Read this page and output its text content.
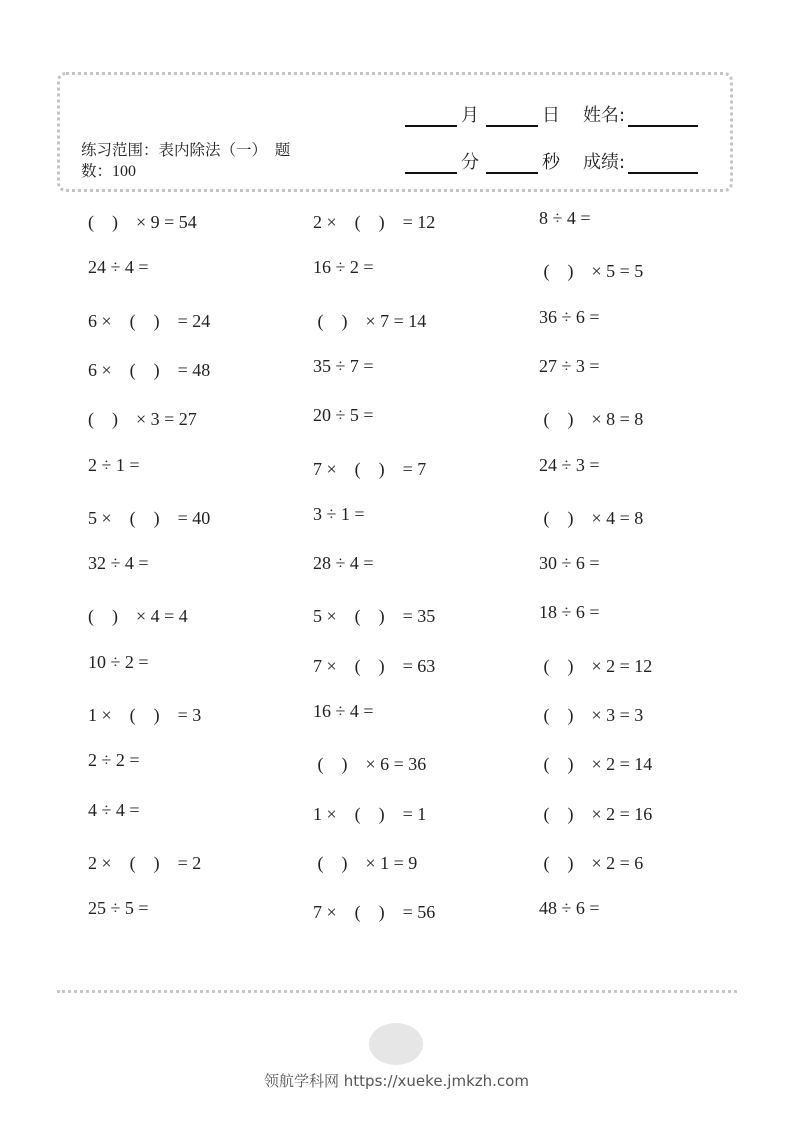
练习范围：表内除法（一）　题
数：100
月	日 姓名:
分	秒 成绩:
(　)　× 9 = 54	2 ×　(　)　= 12	8 ÷ 4 =
24 ÷ 4 =	16 ÷ 2 =	(　)　× 5 = 5
6 ×　(　)　= 24	(　)　× 7 = 14	36 ÷ 6 =
6 ×　(　)　= 48	35 ÷ 7 =	27 ÷ 3 =
(　)　× 3 = 27	20 ÷ 5 =	(　)　× 8 = 8
2 ÷ 1 =	7 ×　(　)　= 7	24 ÷ 3 =
5 ×　(　)　= 40	3 ÷ 1 =	(　)　× 4 = 8
32 ÷ 4 =	28 ÷ 4 =	30 ÷ 6 =
(　)　× 4 = 4	5 ×　(　)　= 35	18 ÷ 6 =
10 ÷ 2 =	7 ×　(　)　= 63	(　)　× 2 = 12
1 ×　(　)　= 3	16 ÷ 4 =	(　)　× 3 = 3
2 ÷ 2 =	(　)　× 6 = 36	(　)　× 2 = 14
4 ÷ 4 =	1 ×　(　)　= 1	(　)　× 2 = 16
2 ×　(　)　= 2	(　)　× 1 = 9	(　)　× 2 = 6
25 ÷ 5 =	7 ×　(　)　= 56	48 ÷ 6 =
领航学科网 https://xueke.jmkzh.com
